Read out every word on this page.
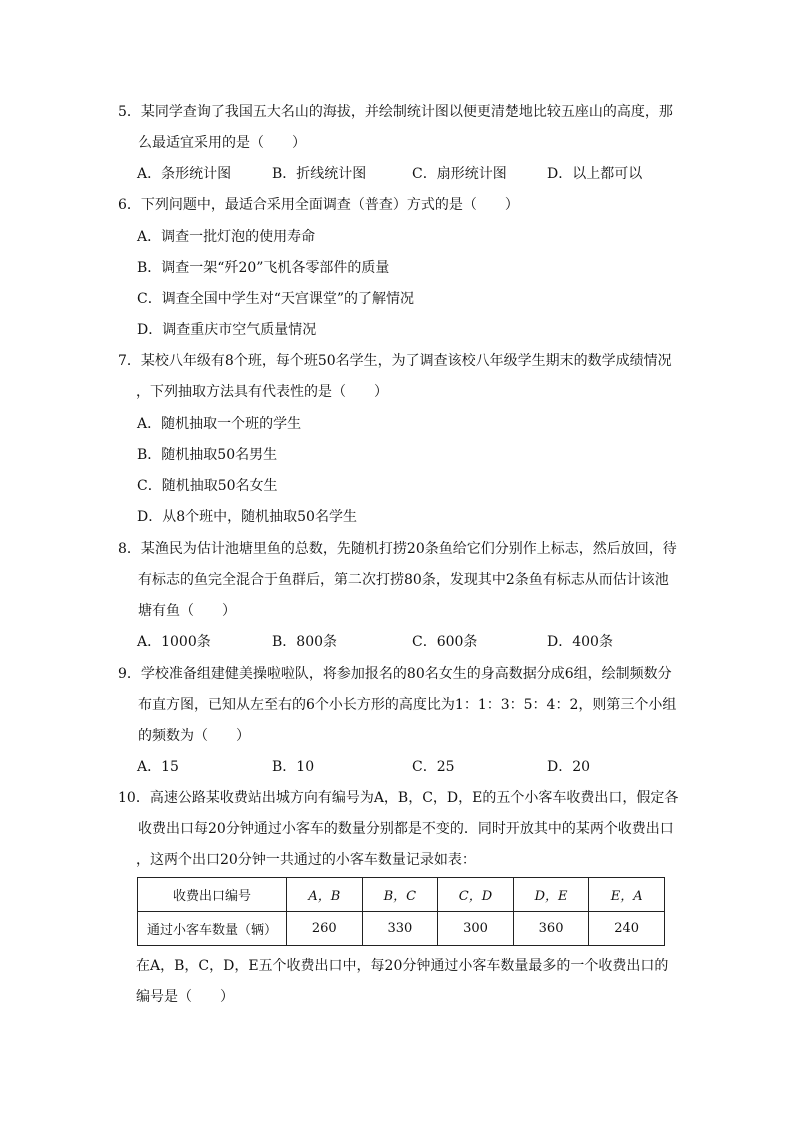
5．某同学查询了我国五大名山的海拔，并绘制统计图以便更清楚地比较五座山的高度，那
么最适宜采用的是（　　）
A．条形统计图	B．折线统计图	C．扇形统计图	D．以上都可以
6．下列问题中，最适合采用全面调查（普查）方式的是（　　）
A．调查一批灯泡的使用寿命
B．调查一架“歼20”飞机各零部件的质量
C．调查全国中学生对“天宫课堂”的了解情况
D．调查重庆市空气质量情况
7．某校八年级有8个班，每个班50名学生，为了调查该校八年级学生期末的数学成绩情况
，下列抽取方法具有代表性的是（　　）
A．随机抽取一个班的学生
B．随机抽取50名男生
C．随机抽取50名女生
D．从8个班中，随机抽取50名学生
8．某渔民为估计池塘里鱼的总数，先随机打捞20条鱼给它们分别作上标志，然后放回，待
有标志的鱼完全混合于鱼群后，第二次打捞80条，发现其中2条鱼有标志从而估计该池
塘有鱼（　　）
A．1000条	B．800条	C．600条	D．400条
9．学校准备组建健美操啦啦队，将参加报名的80名女生的身高数据分成6组，绘制频数分
布直方图，已知从左至右的6个小长方形的高度比为1：1：3：5：4：2，则第三个小组
的频数为（　　）
A．15	B．10	C．25	D．20
10．高速公路某收费站出城方向有编号为A，B，C，D，E的五个小客车收费出口，假定各
收费出口每20分钟通过小客车的数量分别都是不变的．同时开放其中的某两个收费出口
，这两个出口20分钟一共通过的小客车数量记录如表：
收费出口编号	A，B	B，C	C，D	D，E	E，A
通过小客车数量（辆）	260	330	300	360	240
在A，B，C，D，E五个收费出口中，每20分钟通过小客车数量最多的一个收费出口的
编号是（　　）
